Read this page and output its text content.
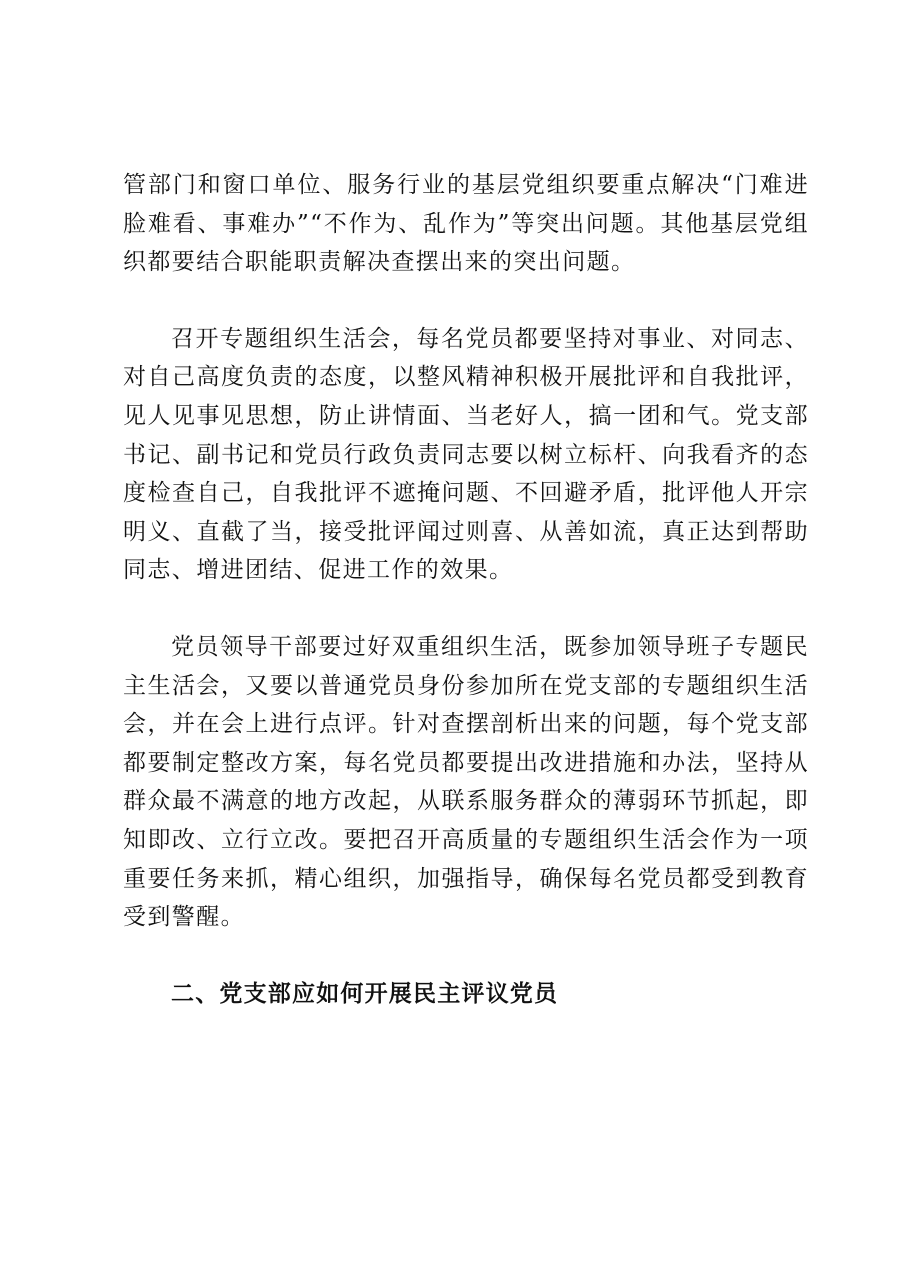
管部门和窗口单位、服务行业的基层党组织要重点解决“门难进脸难看、事难办”“不作为、乱作为”等突出问题。其他基层党组织都要结合职能职责解决查摆出来的突出问题。

召开专题组织生活会，每名党员都要坚持对事业、对同志、对自己高度负责的态度，以整风精神积极开展批评和自我批评，见人见事见思想，防止讲情面、当老好人，搞一团和气。党支部书记、副书记和党员行政负责同志要以树立标杆、向我看齐的态度检查自己，自我批评不遮掩问题、不回避矛盾，批评他人开宗明义、直截了当，接受批评闻过则喜、从善如流，真正达到帮助同志、增进团结、促进工作的效果。

党员领导干部要过好双重组织生活，既参加领导班子专题民主生活会，又要以普通党员身份参加所在党支部的专题组织生活会，并在会上进行点评。针对查摆剖析出来的问题，每个党支部都要制定整改方案，每名党员都要提出改进措施和办法，坚持从群众最不满意的地方改起，从联系服务群众的薄弱环节抓起，即知即改、立行立改。要把召开高质量的专题组织生活会作为一项重要任务来抓，精心组织，加强指导，确保每名党员都受到教育受到警醒。

二、党支部应如何开展民主评议党员
